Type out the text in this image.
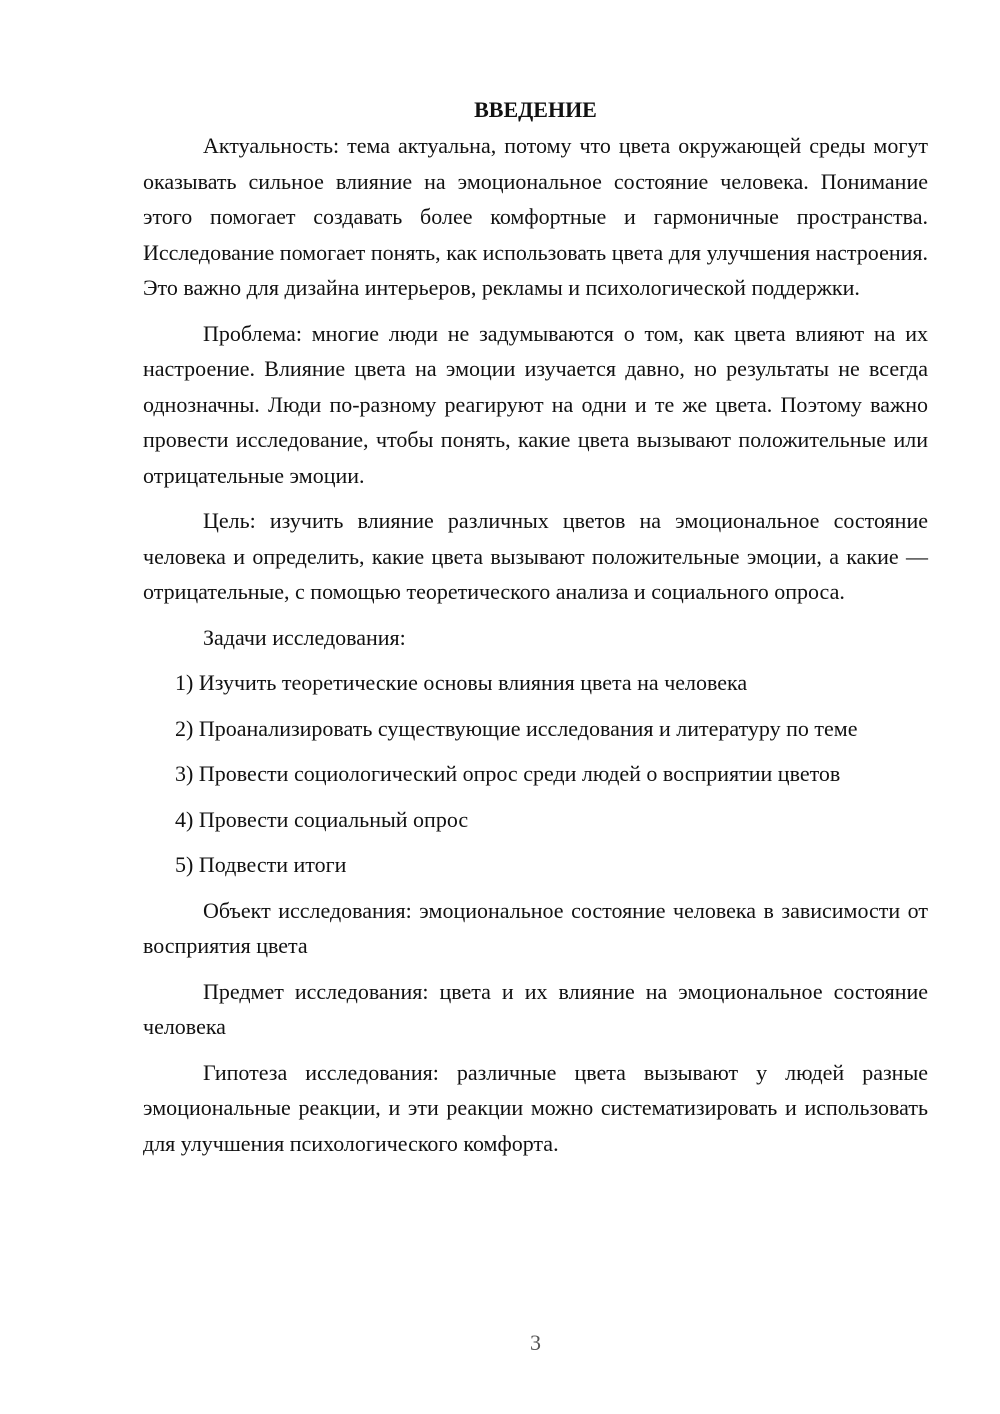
ВВЕДЕНИЕ

Актуальность: тема актуальна, потому что цвета окружающей среды могут оказывать сильное влияние на эмоциональное состояние человека. Понимание этого помогает создавать более комфортные и гармоничные пространства. Исследование помогает понять, как использовать цвета для улучшения настроения. Это важно для дизайна интерьеров, рекламы и психологической поддержки.

Проблема: многие люди не задумываются о том, как цвета влияют на их настроение. Влияние цвета на эмоции изучается давно, но результаты не всегда однозначны. Люди по-разному реагируют на одни и те же цвета. Поэтому важно провести исследование, чтобы понять, какие цвета вызывают положительные или отрицательные эмоции.

Цель: изучить влияние различных цветов на эмоциональное состояние человека и определить, какие цвета вызывают положительные эмоции, а какие — отрицательные, с помощью теоретического анализа и социального опроса.

Задачи исследования:

1) Изучить теоретические основы влияния цвета на человека

2) Проанализировать существующие исследования и литературу по теме

3) Провести социологический опрос среди людей о восприятии цветов

4) Провести социальный опрос

5) Подвести итоги

Объект исследования: эмоциональное состояние человека в зависимости от восприятия цвета

Предмет исследования: цвета и их влияние на эмоциональное состояние человека

Гипотеза исследования: различные цвета вызывают у людей разные эмоциональные реакции, и эти реакции можно систематизировать и использовать для улучшения психологического комфорта.

3
